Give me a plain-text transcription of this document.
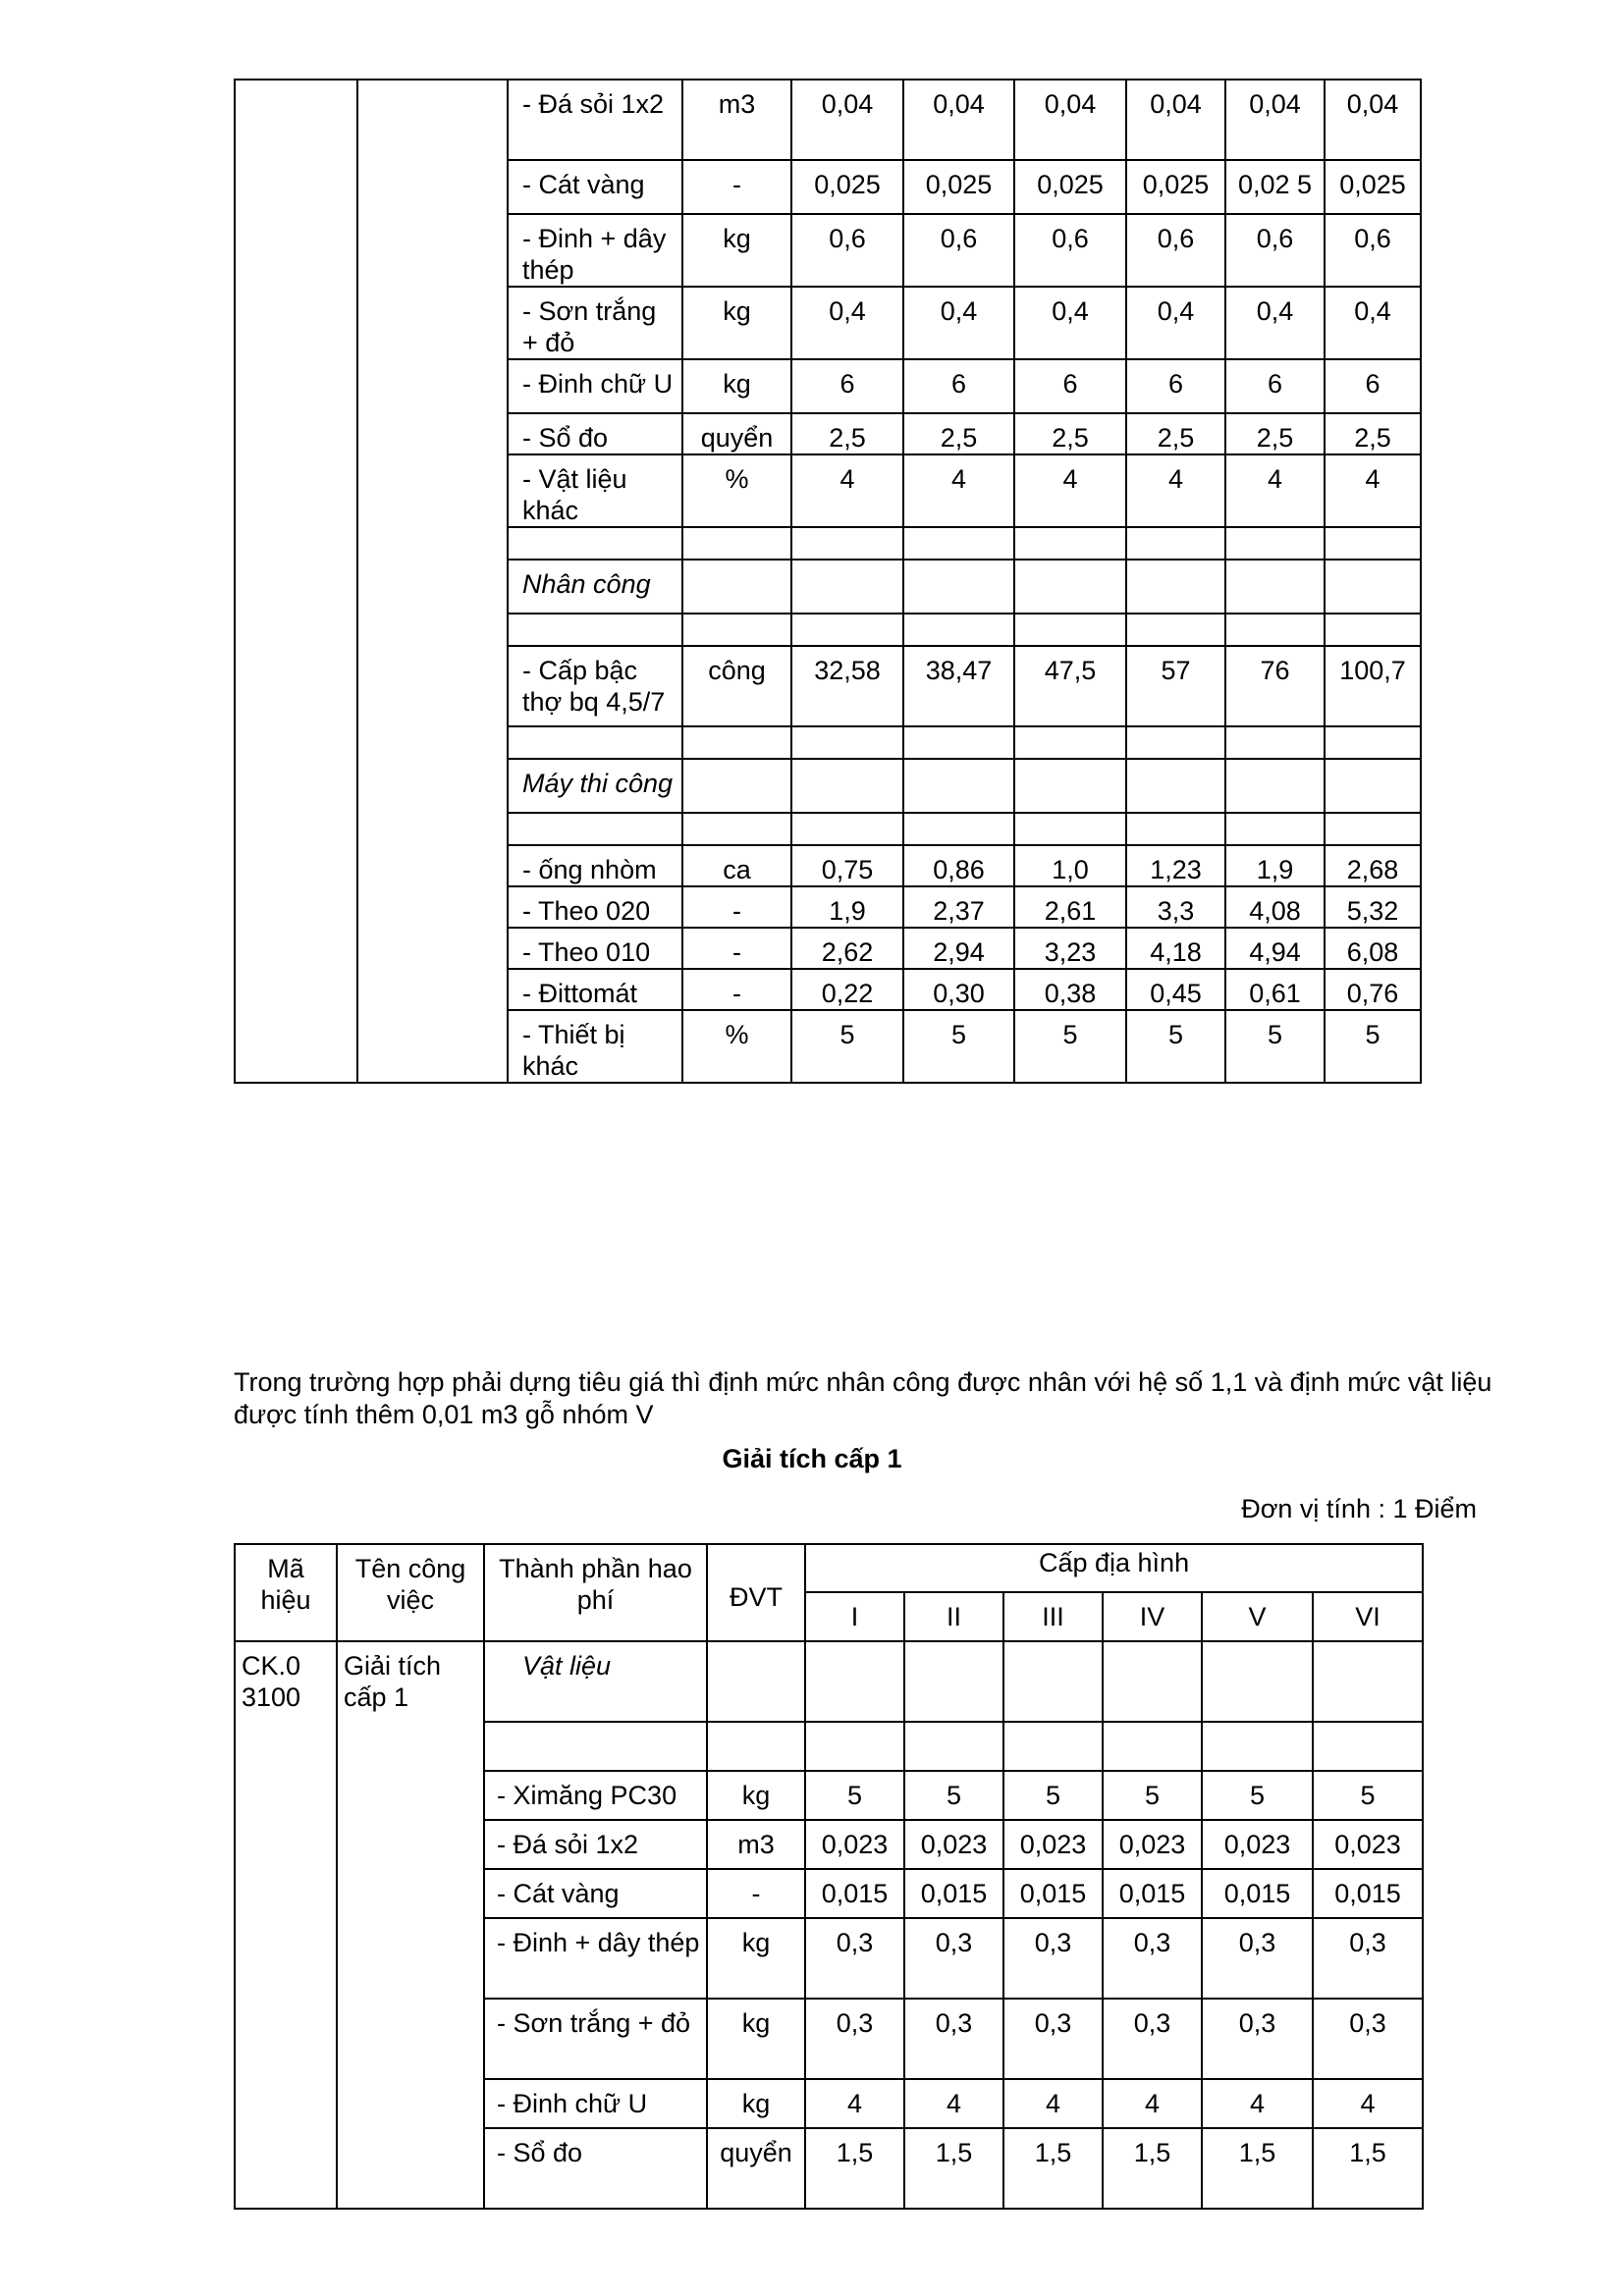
		- Đá sỏi 1x2	m3	0,04	0,04	0,04	0,04	0,04	0,04
		- Cát vàng	-	0,025	0,025	0,025	0,025	0,02 5	0,025
		- Đinh + dây thép	kg	0,6	0,6	0,6	0,6	0,6	0,6
		- Sơn trắng + đỏ	kg	0,4	0,4	0,4	0,4	0,4	0,4
		- Đinh chữ U	kg	6	6	6	6	6	6
		- Sổ đo	quyển	2,5	2,5	2,5	2,5	2,5	2,5
		- Vật liệu khác	%	4	4	4	4	4	4

		Nhân công							

		- Cấp bậc thợ bq 4,5/7	công	32,58	38,47	47,5	57	76	100,7

		Máy thi công							

		- ống nhòm	ca	0,75	0,86	1,0	1,23	1,9	2,68
		- Theo 020	-	1,9	2,37	2,61	3,3	4,08	5,32
		- Theo 010	-	2,62	2,94	3,23	4,18	4,94	6,08
		- Đittomát	-	0,22	0,30	0,38	0,45	0,61	0,76
		- Thiết bị khác	%	5	5	5	5	5	5
Trong trường hợp phải dựng tiêu giá thì định mức nhân công được nhân với hệ số 1,1 và định mức vật liệu được tính thêm 0,01 m3 gỗ nhóm V
Giải tích cấp 1
Đơn vị tính : 1 Điểm
Mã hiệu	Tên công việc	Thành phần hao phí	ĐVT	Cấp địa hình					
				I	II	III	IV	V	VI
CK.0 3100	Giải tích cấp 1	Vật liệu							

		- Ximăng PC30	kg	5	5	5	5	5	5
		- Đá sỏi 1x2	m3	0,023	0,023	0,023	0,023	0,023	0,023
		- Cát vàng	-	0,015	0,015	0,015	0,015	0,015	0,015
		- Đinh + dây thép	kg	0,3	0,3	0,3	0,3	0,3	0,3
		- Sơn trắng + đỏ	kg	0,3	0,3	0,3	0,3	0,3	0,3
		- Đinh chữ U	kg	4	4	4	4	4	4
		- Sổ đo	quyển	1,5	1,5	1,5	1,5	1,5	1,5
